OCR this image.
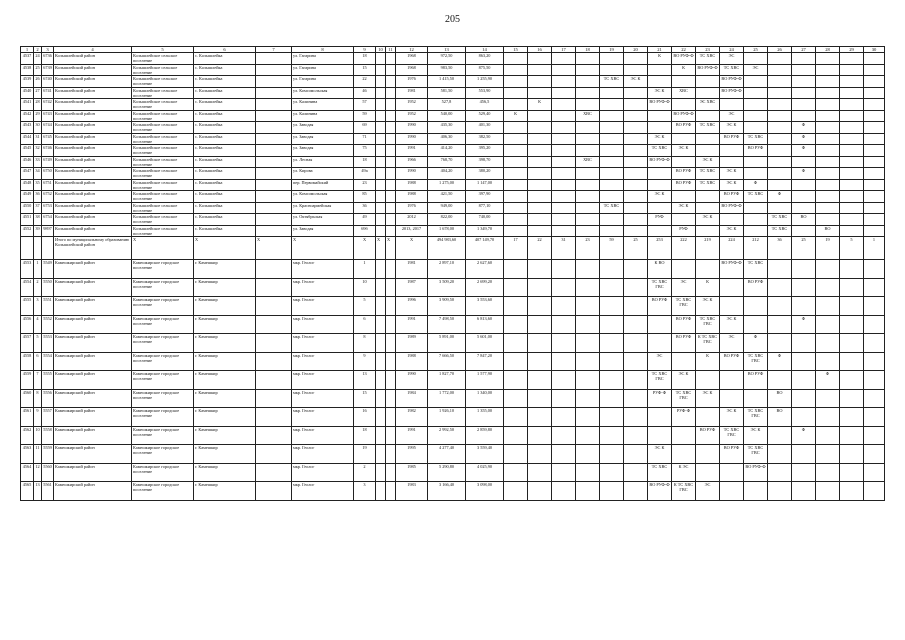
205
1	2	3	4	5	6	7	8	9	10	11	12	13	14	15	16	17	18	19	20	21	22	23	24	25	26	27	28	29	30
4537	24	6736	Колышлейский район	Колышлейское сельское поселение	с. Колышлейка		ул. Гагарина	18			1968	972,50	863,20							К	ВО РУФ-Ф	ТС ХВС	ЭС						
4538	25	6739	Колышлейский район	Колышлейское сельское поселение	с. Колышлейка		ул. Гагарина	15			1968	983,50	875,50								К	ВО РУФ-Ф	ТС ХВС	ЭС					
4539	26	6740	Колышлейский район	Колышлейское сельское поселение	с. Колышлейка		ул. Гагарина	22			1976	1 415,50	1 255,90					ТС ХВС	ЭС К				ВО РУФ-Ф						
4540	27	6741	Колышлейский район	Колышлейское сельское поселение	с. Колышлейка		ул. Комсомольская	46			1981	581,50	553,90							ЭС К	ХВС		ВО РУФ-Ф						
4541	28	6742	Колышлейский район	Колышлейское сельское поселение	с. Колышлейка		ул. Калинина	57			1952	527,8	456,5		К					ВО РУФ-Ф		ЭС ХВС							
4542	29	6743	Колышлейский район	Колышлейское сельское поселение	с. Колышлейка		ул. Калинина	59			1952	540,00	529,40	К			ХВС				ВО РУФ-Ф		ЭС						
4543	30	6744	Колышлейский район	Колышлейское сельское поселение	с. Колышлейка		ул. Заводая	69			1990	435,30	401,30								ВО РУФ	ТС ХВС	ЭС К			Ф			
4544	31	6745	Колышлейский район	Колышлейское сельское поселение	с. Колышлейка		ул. Заводая	71			1990	406,30	382,50							ЭС К			ВО РУФ	ТС ХВС		Ф			
4545	32	6746	Колышлейский район	Колышлейское сельское поселение	с. Колышлейка		ул. Заводая	75			1991	414,20	395,20							ТС ХВС	ЭС К			ВО РУФ		Ф			
4546	33	6749	Колышлейский район	Колышлейское сельское поселение	с. Колышлейка		ул. Лесная	18			1966	768,70	398,70				ХВС			ВО РУФ-Ф		ЭС К							
4547	34	6750	Колышлейский район	Колышлейское сельское поселение	с. Колышлейка		ул. Кирова	49а			1990	404,20	380,20								ВО РУФ	ТС ХВС	ЭС К			Ф			
4548	35	6751	Колышлейский район	Колышлейское сельское поселение	с. Колышлейка		пер. Первомайский	23			1988	1 275,00	1 147,00								ВО РУФ	ТС ХВС	ЭС К	Ф					
4549	36	6752	Колышлейский район	Колышлейское сельское поселение	с. Колышлейка		ул. Комсомольская	85			1988	421,50	397,90							ЭС К			ВО РУФ	ТС ХВС	Ф				
4550	37	6753	Колышлейский район	Колышлейское сельское поселение	с. Колышлейка		ул. Красноармейская	36			1976	949,00	877,10					ТС ХВС			ЭС К		ВО РУФ-Ф						
4551	38	6754	Колышлейский район	Колышлейское сельское поселение	с. Колышлейка		ул. Октябрьская	49			2012	822,00	740,00							РУФ		ЭС К			ТС ХВС	ВО			
4552	39	9897	Колышлейский район	Колышлейское сельское поселение	с. Колышлейка		ул. Заводая	69б			2013, 2017	1 678,00	1 349,70								РУФ		ЭС К		ТС ХВС		ВО		
			Итого по муниципальному образованию Колышлейский район	X	X	X	X	X	X	X	X	494 983,60	407 149,70	17	22	31	23	59	25	253	222	219	224	212	36	25	19	5	1
4553	1	5549	Камешкирский район	Камешкирское городское поселение	г. Камешкир		мкр. Геолог	1			1981	2 897,10	2 627,60							К ВО			ВО РУФ-Ф	ТС ХВС					
4554	2	5550	Камешкирский район	Камешкирское городское поселение	г. Камешкир		мкр. Геолог	10			1987	3 509,20	2 699,20							ТС ХВС ГВС	ЭС	К		ВО РУФ					
4555	3	5551	Камешкирский район	Камешкирское городское поселение	г. Камешкир		мкр. Геолог	5			1996	3 909,50	3 553,60							ВО РУФ	ТС ХВС ГВС	ЭС К							
4556	4	5552	Камешкирский район	Камешкирское городское поселение	г. Камешкир		мкр. Геолог	6			1991	7 498,50	6 813,60								ВО РУФ	ТС ХВС ГВС	ЭС К			Ф			
4557	5	5553	Камешкирский район	Камешкирское городское поселение	г. Камешкир		мкр. Геолог	8			1989	5 891,00	5 601,00								ВО РУФ	К ТС ХВС ГВС	ЭС	Ф					
4558	6	5554	Камешкирский район	Камешкирское городское поселение	г. Камешкир		мкр. Геолог	9			1988	7 666,50	7 847,20							ЭС		К	ВО РУФ	ТС ХВС ГВС	Ф				
4559	7	5555	Камешкирский район	Камешкирское городское поселение	г. Камешкир		мкр. Геолог	13			1990	1 827,70	1 577,90							ТС ХВС ГВС	ЭС К			ВО РУФ			Ф		
4560	8	5556	Камешкирский район	Камешкирское городское поселение	г. Камешкир		мкр. Геолог	15			1984	1 772,00	1 340,00							РУФ-Ф	ТС ХВС ГВС	ЭС К			ВО				
4561	9	5557	Камешкирский район	Камешкирское городское поселение	г. Камешкир		мкр. Геолог	16			1982	1 926,10	1 355,00								РУФ-Ф		ЭС К	ТС ХВС ГВС	ВО				
4562	10	5558	Камешкирский район	Камешкирское городское поселение	г. Камешкир		мкр. Геолог	18			1991	2 992,50	2 859,80									ВО РУФ	ТС ХВС ГВС	ЭС К		Ф			
4563	11	5559	Камешкирский район	Камешкирское городское поселение	г. Камешкир		мкр. Геолог	19			1995	4 277,40	3 559,40							ЭС К			ВО РУФ	ТС ХВС ГВС					
4564	12	5560	Камешкирский район	Камешкирское городское поселение	г. Камешкир		мкр. Геолог	2			1985	5 290,80	4 025,90							ТС ХВС	К ЭС			ВО РУФ-Ф					
4565	13	5561	Камешкирский район	Камешкирское городское поселение	г. Камешкир		мкр. Геолог	3			1983	3 166,40	3 098,00							ВО РУФ-Ф	К ТС ХВС ГВС	ЭС							
